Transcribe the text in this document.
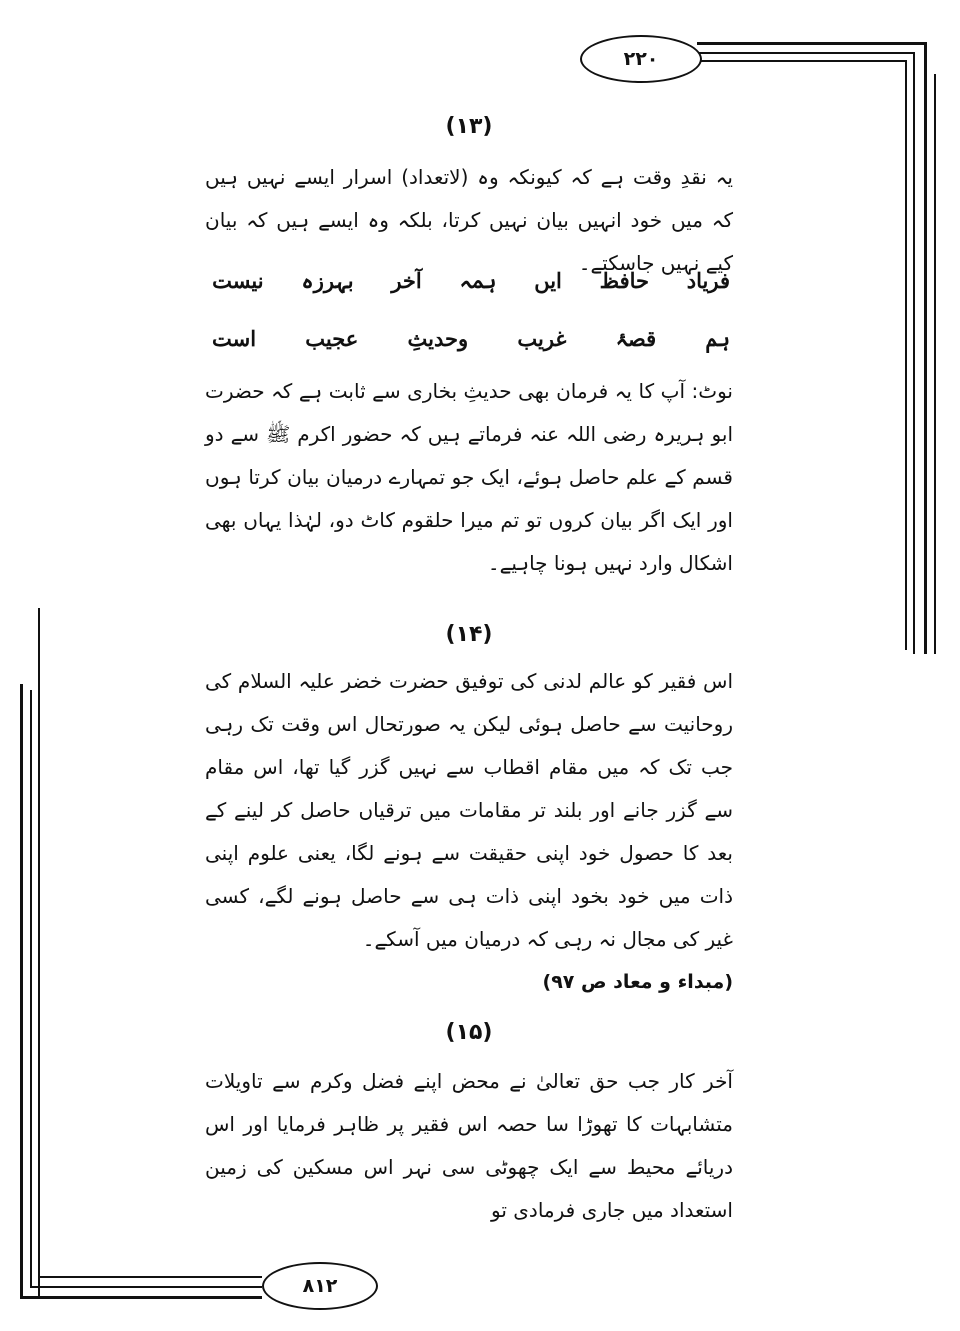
۲۲۰
۸۱۲
(۱۳)

یہ نقدِ وقت ہے کہ کیونکہ وہ (لاتعداد) اسرار ایسے نہیں ہیں کہ میں خود انہیں بیان نہیں کرتا، بلکہ وہ ایسے ہیں کہ بیان کیے نہیں جاسکتے۔

فریاد
حافظ
ایں
ہمہ
آخر
بہرزہ
نیست
ہم
قصۂ
غریب
وحدیثِ
عجیب
است

نوٹ: آپ کا یہ فرمان بھی حدیثِ بخاری سے ثابت ہے کہ حضرت ابو ہریرہ رضی اللہ عنہ فرماتے ہیں کہ حضور اکرم ﷺ سے دو قسم کے علم حاصل ہوئے، ایک جو تمہارے درمیان بیان کرتا ہوں اور ایک اگر بیان کروں تو تم میرا حلقوم کاٹ دو، لہٰذا یہاں بھی اشکال وارد نہیں ہونا چاہیے۔

(۱۴)

اس فقیر کو عالم لدنی کی توفیق حضرت خضر علیہ السلام کی روحانیت سے حاصل ہوئی لیکن یہ صورتحال اس وقت تک رہی جب تک کہ میں مقام اقطاب سے نہیں گزر گیا تھا، اس مقام سے گزر جانے اور بلند تر مقامات میں ترقیاں حاصل کر لینے کے بعد کا حصول خود اپنی حقیقت سے ہونے لگا، یعنی علوم اپنی ذات میں خود بخود اپنی ذات ہی سے حاصل ہونے لگے، کسی غیر کی مجال نہ رہی کہ درمیان میں آسکے۔

(مبداء و معاد ص ۹۷)

(۱۵)

آخر کار جب حق تعالیٰ نے محض اپنے فضل وکرم سے تاویلات متشابہات کا تھوڑا سا حصہ اس فقیر پر ظاہر فرمایا اور اس دریائے محیط سے ایک چھوٹی سی نہر اس مسکین کی زمین استعداد میں جاری فرمادی تو
